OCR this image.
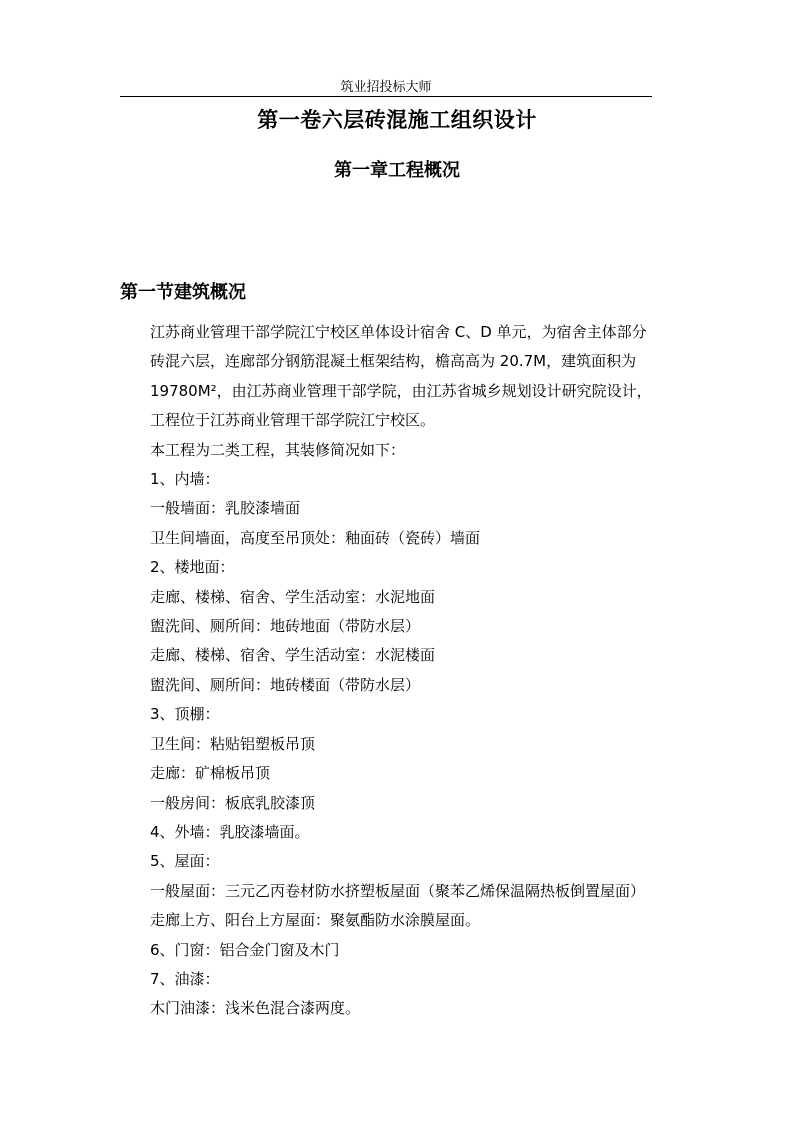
筑业招投标大师
第一卷六层砖混施工组织设计
第一章工程概况
第一节建筑概况

江苏商业管理干部学院江宁校区单体设计宿舍 C、D 单元，为宿舍主体部分

砖混六层，连廊部分钢筋混凝土框架结构，檐高高为 20.7M，建筑面积为

19780M²，由江苏商业管理干部学院，由江苏省城乡规划设计研究院设计，

工程位于江苏商业管理干部学院江宁校区。

本工程为二类工程，其装修简况如下：

1、内墙：

一般墙面：乳胶漆墙面

卫生间墙面，高度至吊顶处：釉面砖（瓷砖）墙面

2、楼地面：

走廊、楼梯、宿舍、学生活动室：水泥地面

盥洗间、厕所间：地砖地面（带防水层）

走廊、楼梯、宿舍、学生活动室：水泥楼面

盥洗间、厕所间：地砖楼面（带防水层）

3、顶棚：

卫生间：粘贴铝塑板吊顶

走廊：矿棉板吊顶

一般房间：板底乳胶漆顶

4、外墙：乳胶漆墙面。

5、屋面：

一般屋面：三元乙丙卷材防水挤塑板屋面（聚苯乙烯保温隔热板倒置屋面）

走廊上方、阳台上方屋面：聚氨酯防水涂膜屋面。

6、门窗：铝合金门窗及木门

7、油漆：

木门油漆：浅米色混合漆两度。
